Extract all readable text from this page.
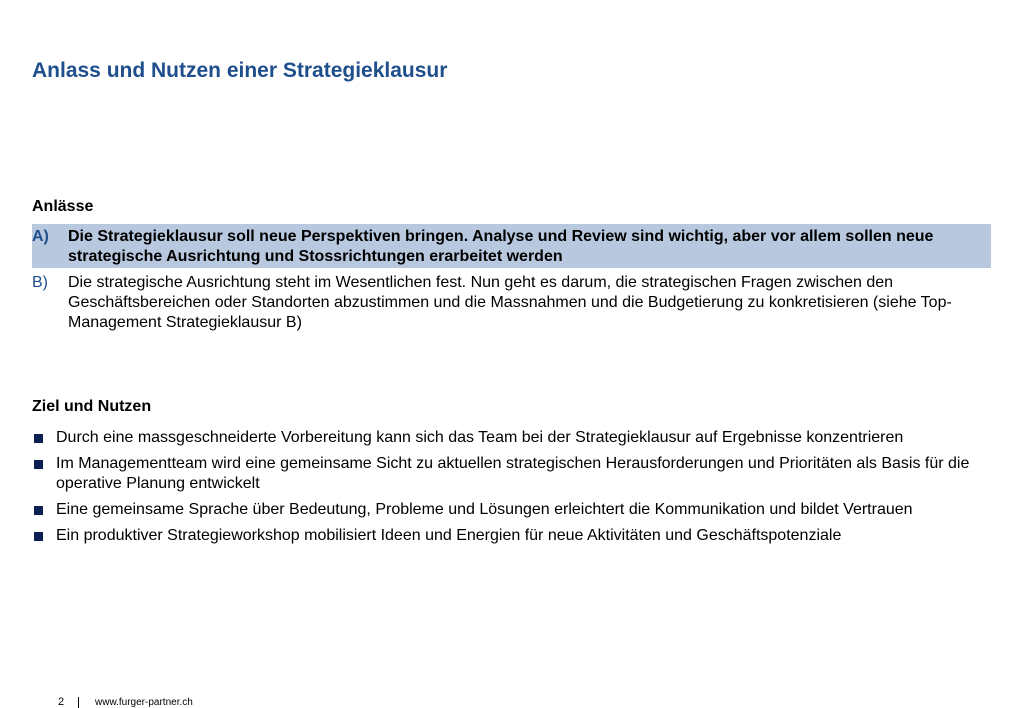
Anlass und Nutzen einer Strategieklausur
Anlässe
A)	Die Strategieklausur soll neue Perspektiven bringen. Analyse und Review sind wichtig, aber vor allem sollen neue strategische Ausrichtung und Stossrichtungen erarbeitet werden
B)	Die strategische Ausrichtung steht im Wesentlichen fest. Nun geht es darum, die strategischen Fragen zwischen den Geschäftsbereichen oder Standorten abzustimmen und die Massnahmen und die Budgetierung zu konkretisieren (siehe Top-Management Strategieklausur B)
Ziel und Nutzen
Durch eine massgeschneiderte Vorbereitung kann sich das Team bei der Strategieklausur auf Ergebnisse konzentrieren
Im Managementteam wird eine gemeinsame Sicht zu aktuellen strategischen Herausforderungen und Prioritäten als Basis für die operative Planung entwickelt
Eine gemeinsame Sprache über Bedeutung, Probleme und Lösungen erleichtert die Kommunikation und bildet Vertrauen
Ein produktiver Strategieworkshop mobilisiert Ideen und Energien für neue Aktivitäten und Geschäftspotenziale
2	www.furger-partner.ch
